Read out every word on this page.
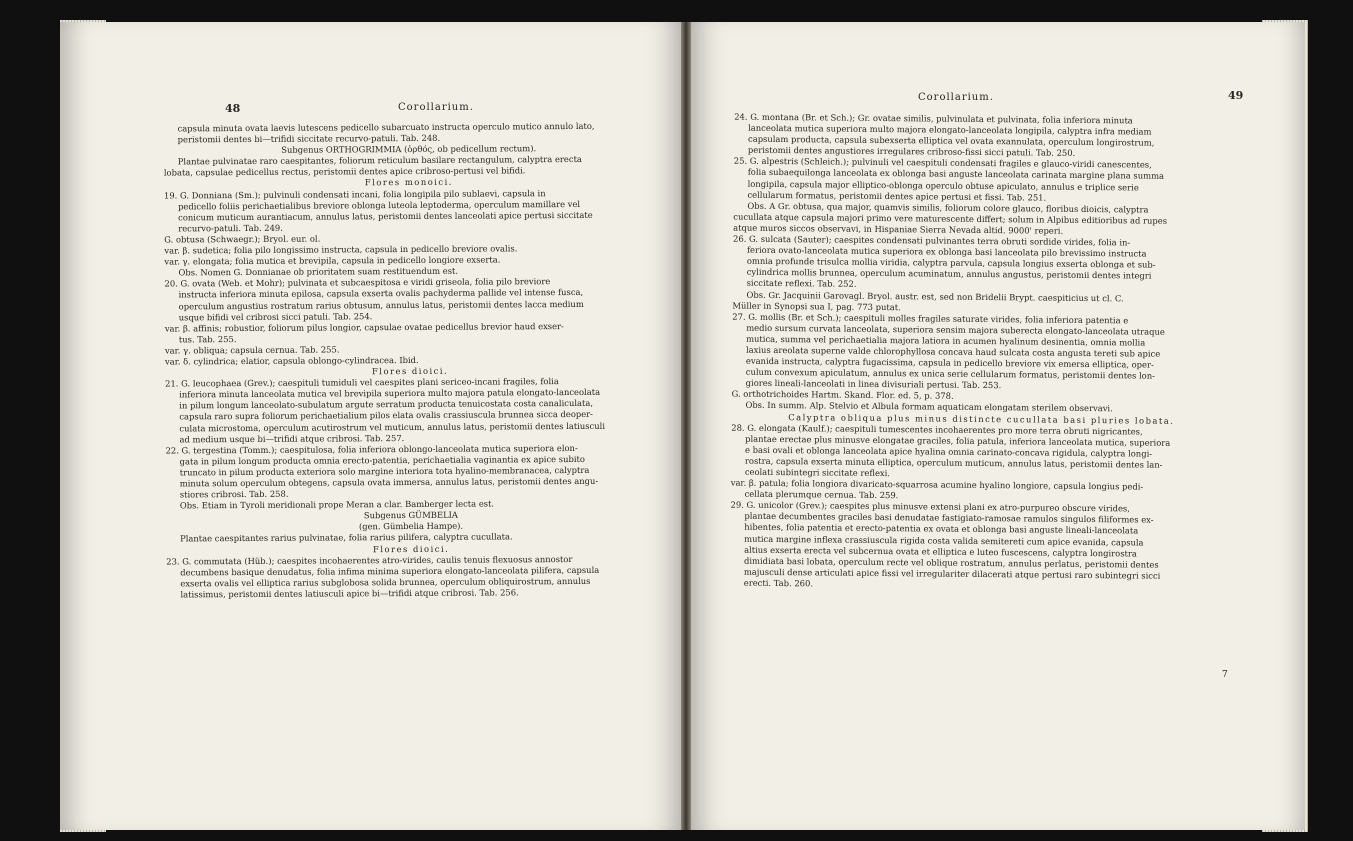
48	Corollarium.
capsula minuta ovata laevis lutescens pedicello subarcuato instructa operculo mutico annulo lato,
peristomii dentes bi—trifidi siccitate recurvo-patuli. Tab. 248.
Subgenus ORTHOGRIMMIA (ὀρθός, ob pedicellum rectum).
Plantae pulvinatae raro caespitantes, foliorum reticulum basilare rectangulum, calyptra erecta
lobata, capsulae pedicellus rectus, peristomii dentes apice cribroso-pertusi vel bifidi.
Flores monoici.
19. G. Donniana (Sm.); pulvinuli condensati incani, folia longipila pilo sublaevi, capsula in
pedicello foliis perichaetialibus breviore oblonga luteola leptoderma, operculum mamillare vel
conicum muticum aurantiacum, annulus latus, peristomii dentes lanceolati apice pertusi siccitate
recurvo-patuli. Tab. 249.
G. obtusa (Schwaegr.); Bryol. eur. ol.
var. β. sudetica; folia pilo longissimo instructa, capsula in pedicello breviore ovalis.
var. γ. elongata; folia mutica et brevipila, capsula in pedicello longiore exserta.
Obs. Nomen G. Donnianae ob prioritatem suam restituendum est.
20. G. ovata (Web. et Mohr); pulvinata et subcaespitosa e viridi griseola, folia pilo breviore
instructa inferiora minuta epilosa, capsula exserta ovalis pachyderma pallide vel intense fusca,
operculum angustius rostratum rarius obtusum, annulus latus, peristomii dentes lacca medium
usque bifidi vel cribrosi sicci patuli. Tab. 254.
var. β. affinis; robustior, foliorum pilus longior, capsulae ovatae pedicellus brevior haud exser-
tus. Tab. 255.
var. γ. obliqua; capsula cernua. Tab. 255.
var. δ. cylindrica; elatior, capsula oblongo-cylindracea. Ibid.
Flores dioici.
21. G. leucophaea (Grev.); caespituli tumiduli vel caespites plani sericeo-incani fragiles, folia
inferiora minuta lanceolata mutica vel brevipila superiora multo majora patula elongato-lanceolata
in pilum longum lanceolato-subulatum argute serratum producta tenuicostata costa canaliculata,
capsula raro supra foliorum perichaetialium pilos elata ovalis crassiuscula brunnea sicca deoper-
culata microstoma, operculum acutirostrum vel muticum, annulus latus, peristomii dentes latiusculi
ad medium usque bi—trifidi atque cribrosi. Tab. 257.
22. G. tergestina (Tomm.); caespitulosa, folia inferiora oblongo-lanceolata mutica superiora elon-
gata in pilum longum producta omnia erecto-patentia, perichaetialia vaginantia ex apice subito
truncato in pilum producta exteriora solo margine interiora tota hyalino-membranacea, calyptra
minuta solum operculum obtegens, capsula ovata immersa, annulus latus, peristomii dentes angu-
stiores cribrosi. Tab. 258.
Obs. Etiam in Tyroli meridionali prope Meran a clar. Bamberger lecta est.
Subgenus GÜMBELIA
(gen. Gümbelia Hampe).
Plantae caespitantes rarius pulvinatae, folia rarius pilifera, calyptra cucullata.
Flores dioici.
23. G. commutata (Hüb.); caespites incohaerentes atro-virides, caulis tenuis flexuosus annostor
decumbens basique denudatus, folia infima minima superiora elongato-lanceolata pilifera, capsula
exserta ovalis vel elliptica rarius subglobosa solida brunnea, operculum obliquirostrum, annulus
latissimus, peristomii dentes latiusculi apice bi—trifidi atque cribrosi. Tab. 256.
49
Corollarium.
24. G. montana (Br. et Sch.); Gr. ovatae similis, pulvinulata et pulvinata, folia inferiora minuta
lanceolata mutica superiora multo majora elongato-lanceolata longipila, calyptra infra mediam
capsulam producta, capsula subexserta elliptica vel ovata exannulata, operculum longirostrum,
peristomii dentes angustiores irregulares cribroso-fissi sicci patuli. Tab. 250.
25. G. alpestris (Schleich.); pulvinuli vel caespituli condensati fragiles e glauco-viridi canescentes,
folia subaequilonga lanceolata ex oblonga basi anguste lanceolata carinata margine plana summa
longipila, capsula major elliptico-oblonga operculo obtuse apiculato, annulus e triplice serie
cellularum formatus, peristomii dentes apice pertusi et fissi. Tab. 251.
Obs. A Gr. obtusa, qua major, quamvis similis, foliorum colore glauco, floribus dioicis, calyptra
cucullata atque capsula majori primo vere maturescente differt; solum in Alpibus editioribus ad rupes
atque muros siccos observavi, in Hispaniae Sierra Nevada altid. 9000' reperi.
26. G. sulcata (Sauter); caespites condensati pulvinantes terra obruti sordide virides, folia in-
feriora ovato-lanceolata mutica superiora ex oblonga basi lanceolata pilo brevissimo instructa
omnia profunde trisulca mollia viridia, calyptra parvula, capsula longius exserta oblonga et sub-
cylindrica mollis brunnea, operculum acuminatum, annulus angustus, peristomii dentes integri
siccitate reflexi. Tab. 252.
Obs. Gr. Jacquinii Garovagl. Bryol. austr. est, sed non Bridelii Brypt. caespiticius ut cl. C.
Müller in Synopsi sua I, pag. 773 putat.
27. G. mollis (Br. et Sch.); caespituli molles fragiles saturate virides, folia inferiora patentia e
medio sursum curvata lanceolata, superiora sensim majora suberecta elongato-lanceolata utraque
mutica, summa vel perichaetialia majora latiora in acumen hyalinum desinentia, omnia mollia
laxius areolata superne valde chlorophyllosa concava haud sulcata costa angusta tereti sub apice
evanida instructa, calyptra fugacissima, capsula in pedicello breviore vix emersa elliptica, oper-
culum convexum apiculatum, annulus ex unica serie cellularum formatus, peristomii dentes lon-
giores lineali-lanceolati in linea divisuriali pertusi. Tab. 253.
G. orthotrichoides Hartm. Skand. Flor. ed. 5, p. 378.
Obs. In summ. Alp. Stelvio et Albula formam aquaticam elongatam sterilem observavi.
Calyptra obliqua plus minus distincte cucullata basi pluries lobata.
28. G. elongata (Kaulf.); caespituli tumescentes incohaerentes pro more terra obruti nigricantes,
plantae erectae plus minusve elongatae graciles, folia patula, inferiora lanceolata mutica, superiora
e basi ovali et oblonga lanceolata apice hyalina omnia carinato-concava rigidula, calyptra longi-
rostra, capsula exserta minuta elliptica, operculum muticum, annulus latus, peristomii dentes lan-
ceolati subintegri siccitate reflexi.
var. β. patula; folia longiora divaricato-squarrosa acumine hyalino longiore, capsula longius pedi-
cellata plerumque cernua. Tab. 259.
29. G. unicolor (Grev.); caespites plus minusve extensi plani ex atro-purpureo obscure virides,
plantae decumbentes graciles basi denudatae fastigiato-ramosae ramulos singulos filiformes ex-
hibentes, folia patentia et erecto-patentia ex ovata et oblonga basi anguste lineali-lanceolata
mutica margine inflexa crassiuscula rigida costa valida semitereti cum apice evanida, capsula
altius exserta erecta vel subcernua ovata et elliptica e luteo fuscescens, calyptra longirostra
dimidiata basi lobata, operculum recte vel oblique rostratum, annulus perlatus, peristomii dentes
majusculi dense articulati apice fissi vel irregulariter dilacerati atque pertusi raro subintegri sicci
erecti. Tab. 260.
7
